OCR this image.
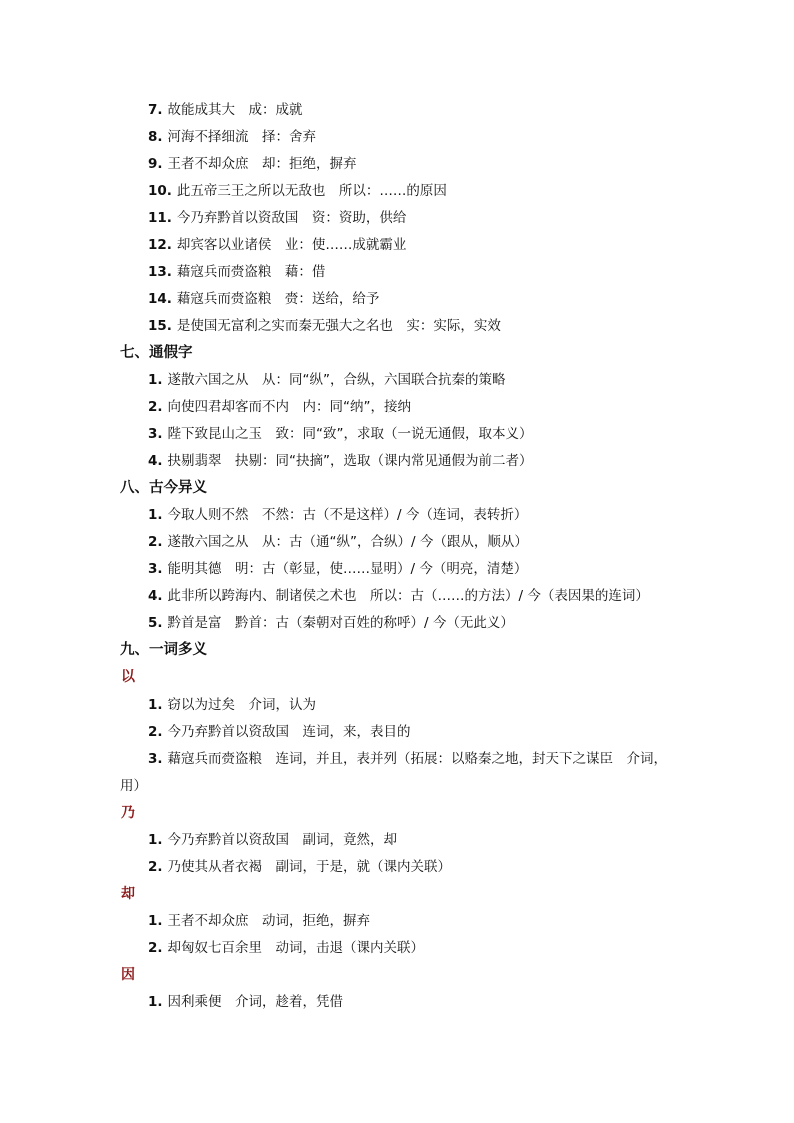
7. 故能成其大　成：成就
8. 河海不择细流　择：舍弃
9. 王者不却众庶　却：拒绝，摒弃
10. 此五帝三王之所以无敌也　所以：……的原因
11. 今乃弃黔首以资敌国　资：资助，供给
12. 却宾客以业诸侯　业：使……成就霸业
13. 藉寇兵而赍盗粮　藉：借
14. 藉寇兵而赍盗粮　赍：送给，给予
15. 是使国无富利之实而秦无强大之名也　实：实际，实效
七、通假字
1. 遂散六国之从　从：同“纵”，合纵，六国联合抗秦的策略
2. 向使四君却客而不内　内：同“纳”，接纳
3. 陛下致昆山之玉　致：同“致”，求取（一说无通假，取本义）
4. 抉剔翡翠　抉剔：同“抉摘”，选取（课内常见通假为前二者）
八、古今异义
1. 今取人则不然　不然：古（不是这样）/ 今（连词，表转折）
2. 遂散六国之从　从：古（通“纵”，合纵）/ 今（跟从，顺从）
3. 能明其德　明：古（彰显，使……显明）/ 今（明亮，清楚）
4. 此非所以跨海内、制诸侯之术也　所以：古（……的方法）/ 今（表因果的连词）
5. 黔首是富　黔首：古（秦朝对百姓的称呼）/ 今（无此义）
九、一词多义
以
1. 窃以为过矣　介词，认为
2. 今乃弃黔首以资敌国　连词，来，表目的
3. 藉寇兵而赍盗粮　连词，并且，表并列（拓展：以赂秦之地，封天下之谋臣　介词，
用）
乃
1. 今乃弃黔首以资敌国　副词，竟然，却
2. 乃使其从者衣褐　副词，于是，就（课内关联）
却
1. 王者不却众庶　动词，拒绝，摒弃
2. 却匈奴七百余里　动词，击退（课内关联）
因
1. 因利乘便　介词，趁着，凭借
